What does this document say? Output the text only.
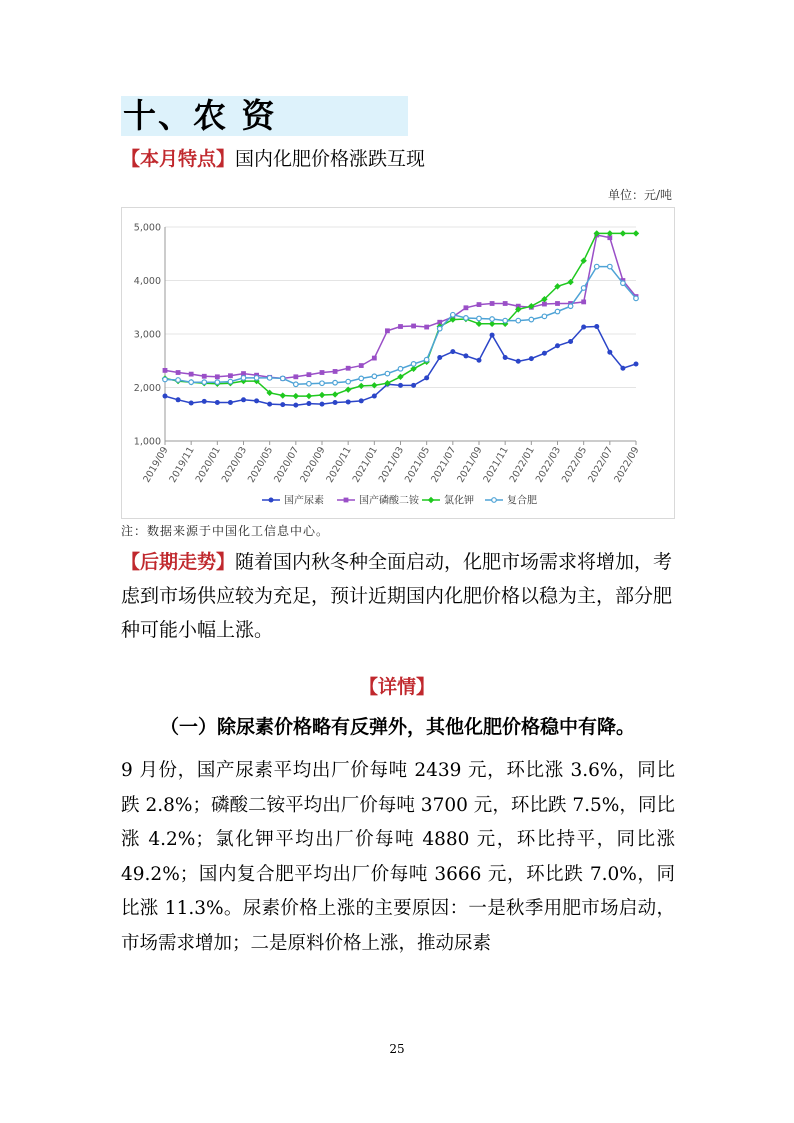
十、农 资
【本月特点】国内化肥价格涨跌互现
单位：元/吨
5,000
4,000
3,000
2,000
1,000
2019/09
2019/11
2020/01
2020/03
2020/05
2020/07
2020/09
2020/11
2021/01
2021/03
2021/05
2021/07
2021/09
2021/11
2022/01
2022/03
2022/05
2022/07
2022/09
国产尿素	国产磷酸二铵	氯化钾	复合肥
注：数据来源于中国化工信息中心。
【后期走势】随着国内秋冬种全面启动，化肥市场需求将增加，考虑到市场供应较为充足，预计近期国内化肥价格以稳为主，部分肥种可能小幅上涨。
【详情】
（一）除尿素价格略有反弹外，其他化肥价格稳中有降。
9 月份，国产尿素平均出厂价每吨 2439 元，环比涨 3.6%，同比跌 2.8%；磷酸二铵平均出厂价每吨 3700 元，环比跌 7.5%，同比涨 4.2%；氯化钾平均出厂价每吨 4880 元，环比持平，同比涨 49.2%；国内复合肥平均出厂价每吨 3666 元，环比跌 7.0%，同比涨 11.3%。尿素价格上涨的主要原因：一是秋季用肥市场启动，市场需求增加；二是原料价格上涨，推动尿素
25
